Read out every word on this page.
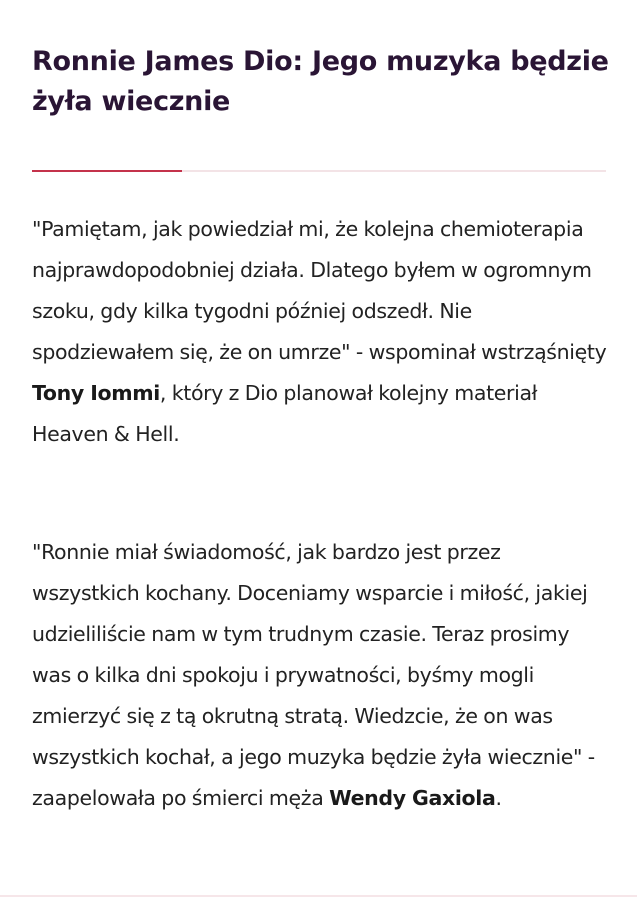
Ronnie James Dio: Jego muzyka będzie żyła wiecznie

"Pamiętam, jak powiedział mi, że kolejna chemioterapia najprawdopodobniej działa. Dlatego byłem w ogromnym szoku, gdy kilka tygodni później odszedł. Nie spodziewałem się, że on umrze" - wspominał wstrząśnięty Tony Iommi, który z Dio planował kolejny materiał Heaven & Hell.

"Ronnie miał świadomość, jak bardzo jest przez wszystkich kochany. Doceniamy wsparcie i miłość, jakiej udzieliliście nam w tym trudnym czasie. Teraz prosimy was o kilka dni spokoju i prywatności, byśmy mogli zmierzyć się z tą okrutną stratą. Wiedzcie, że on was wszystkich kochał, a jego muzyka będzie żyła wiecznie" - zaapelowała po śmierci męża Wendy Gaxiola.
